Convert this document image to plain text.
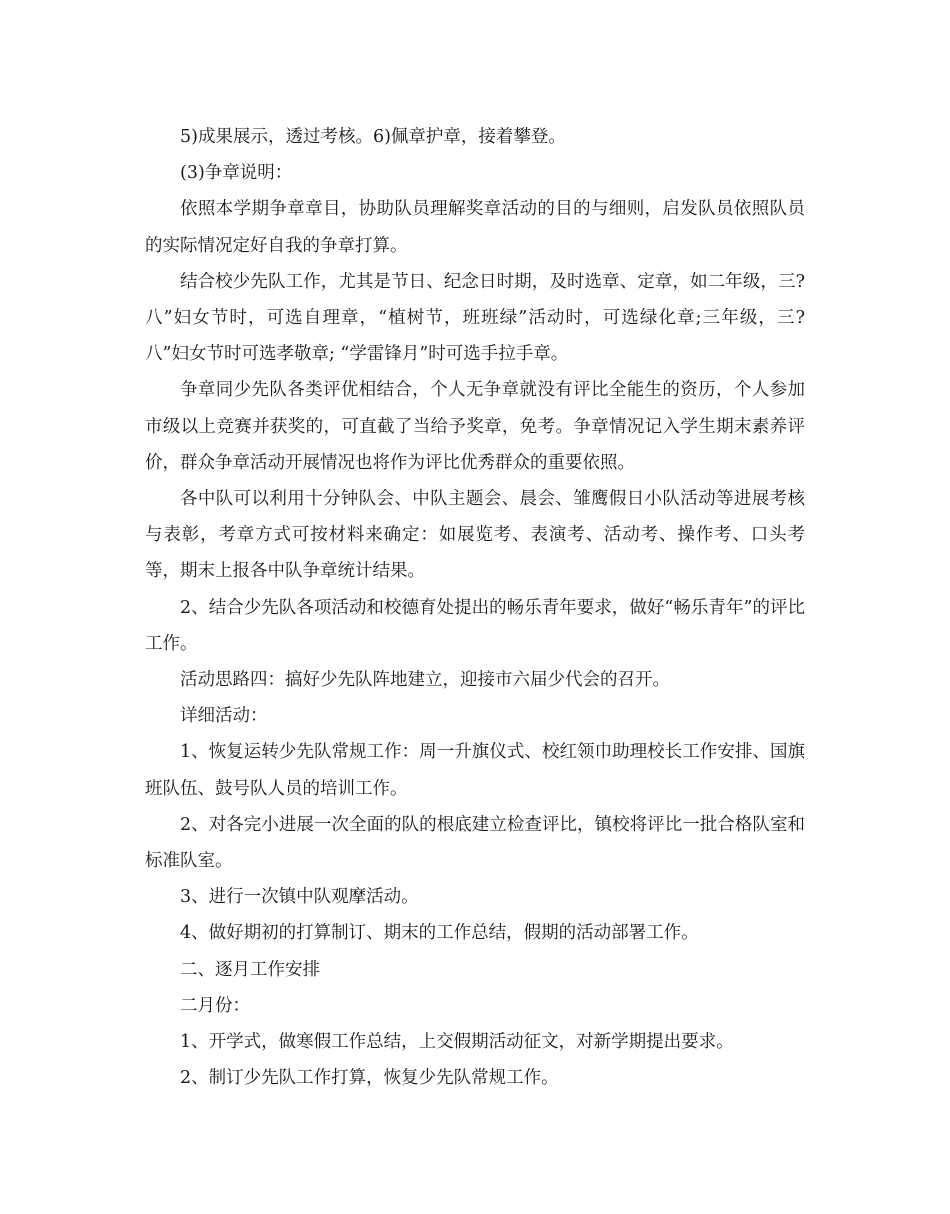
5)成果展示，透过考核。6)佩章护章，接着攀登。

(3)争章说明：

依照本学期争章章目，协助队员理解奖章活动的目的与细则，启发队员依照队员的实际情况定好自我的争章打算。

结合校少先队工作，尤其是节日、纪念日时期，及时选章、定章，如二年级，三?八”妇女节时，可选自理章，“植树节，班班绿”活动时，可选绿化章;三年级，三?八”妇女节时可选孝敬章; “学雷锋月”时可选手拉手章。

争章同少先队各类评优相结合，个人无争章就没有评比全能生的资历，个人参加市级以上竞赛并获奖的，可直截了当给予奖章，免考。争章情况记入学生期末素养评价，群众争章活动开展情况也将作为评比优秀群众的重要依照。

各中队可以利用十分钟队会、中队主题会、晨会、雏鹰假日小队活动等进展考核与表彰，考章方式可按材料来确定：如展览考、表演考、活动考、操作考、口头考等，期末上报各中队争章统计结果。

2、结合少先队各项活动和校德育处提出的畅乐青年要求，做好“畅乐青年”的评比工作。

活动思路四：搞好少先队阵地建立，迎接市六届少代会的召开。

详细活动：

1、恢复运转少先队常规工作：周一升旗仪式、校红领巾助理校长工作安排、国旗班队伍、鼓号队人员的培训工作。

2、对各完小进展一次全面的队的根底建立检查评比，镇校将评比一批合格队室和标准队室。

3、进行一次镇中队观摩活动。

4、做好期初的打算制订、期末的工作总结，假期的活动部署工作。

二、逐月工作安排

二月份：

1、开学式，做寒假工作总结，上交假期活动征文，对新学期提出要求。

2、制订少先队工作打算，恢复少先队常规工作。
